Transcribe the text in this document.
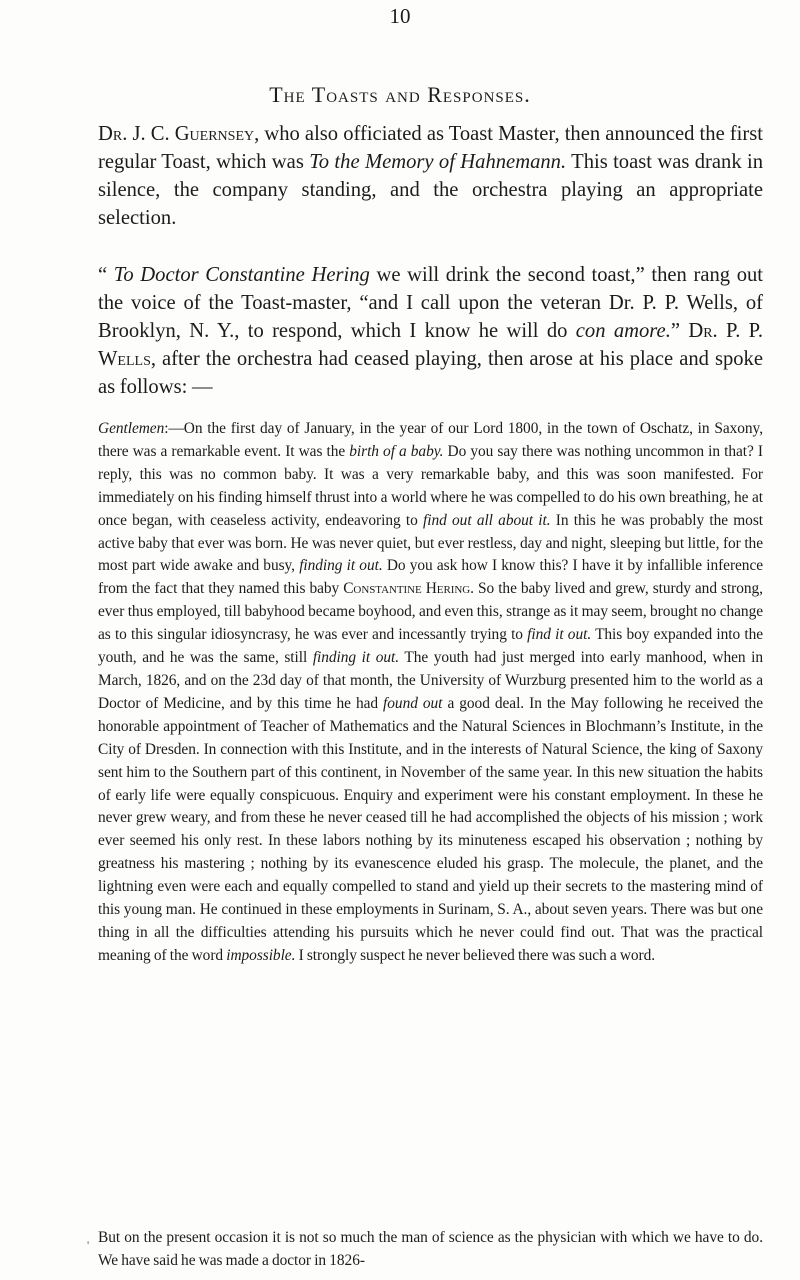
10
The Toasts and Responses.

Dr. J. C. Guernsey, who also officiated as Toast Master, then announced the first regular Toast, which was To the Memory of Hahnemann. This toast was drank in silence, the company standing, and the orchestra playing an appropriate selection.

“ To Doctor Constantine Hering we will drink the second toast,” then rang out the voice of the Toast-master, “and I call upon the veteran Dr. P. P. Wells, of Brooklyn, N. Y., to respond, which I know he will do con amore.” Dr. P. P. Wells, after the orchestra had ceased playing, then arose at his place and spoke as follows: —

Gentlemen:—On the first day of January, in the year of our Lord 1800, in the town of Oschatz, in Saxony, there was a remarkable event. It was the birth of a baby. Do you say there was nothing uncommon in that? I reply, this was no common baby. It was a very remarkable baby, and this was soon manifested. For immediately on his finding himself thrust into a world where he was compelled to do his own breathing, he at once began, with ceaseless activity, endeavoring to find out all about it. In this he was probably the most active baby that ever was born. He was never quiet, but ever restless, day and night, sleeping but little, for the most part wide awake and busy, finding it out. Do you ask how I know this? I have it by infallible inference from the fact that they named this baby Constantine Hering. So the baby lived and grew, sturdy and strong, ever thus employed, till babyhood became boyhood, and even this, strange as it may seem, brought no change as to this singular idiosyncrasy, he was ever and incessantly trying to find it out. This boy expanded into the youth, and he was the same, still finding it out. The youth had just merged into early manhood, when in March, 1826, and on the 23d day of that month, the University of Wurzburg presented him to the world as a Doctor of Medicine, and by this time he had found out a good deal. In the May following he received the honorable appointment of Teacher of Mathematics and the Natural Sciences in Blochmann’s Institute, in the City of Dresden. In connection with this Institute, and in the interests of Natural Science, the king of Saxony sent him to the Southern part of this continent, in November of the same year. In this new situation the habits of early life were equally conspicuous. Enquiry and experiment were his constant employment. In these he never grew weary, and from these he never ceased till he had accomplished the objects of his mission ; work ever seemed his only rest. In these labors nothing by its minuteness escaped his observation ; nothing by greatness his mastering ; nothing by its evanescence eluded his grasp. The molecule, the planet, and the lightning even were each and equally compelled to stand and yield up their secrets to the mastering mind of this young man. He continued in these employments in Surinam, S. A., about seven years. There was but one thing in all the difficulties attending his pursuits which he never could find out. That was the practical meaning of the word impossible. I strongly suspect he never believed there was such a word.

But on the present occasion it is not so much the man of science as the physician with which we have to do. We have said he was made a doctor in 1826-

'
